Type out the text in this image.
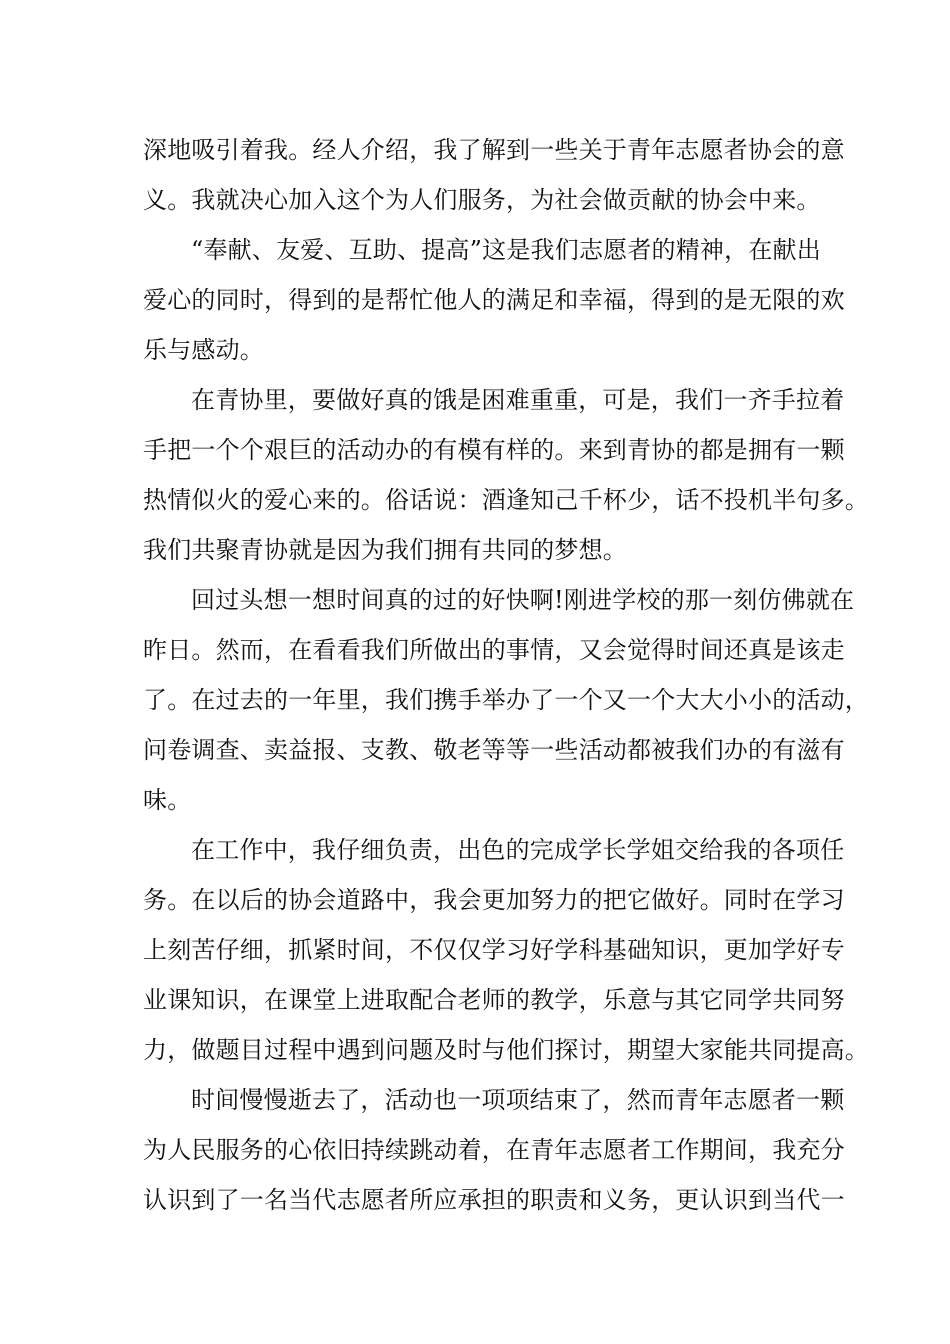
深地吸引着我。经人介绍，我了解到一些关于青年志愿者协会的意
义。我就决心加入这个为人们服务，为社会做贡献的协会中来。
“奉献、友爱、互助、提高”这是我们志愿者的精神，在献出
爱心的同时，得到的是帮忙他人的满足和幸福，得到的是无限的欢
乐与感动。
在青协里，要做好真的饿是困难重重，可是，我们一齐手拉着
手把一个个艰巨的活动办的有模有样的。来到青协的都是拥有一颗
热情似火的爱心来的。俗话说：酒逢知己千杯少，话不投机半句多。
我们共聚青协就是因为我们拥有共同的梦想。
回过头想一想时间真的过的好快啊!刚进学校的那一刻仿佛就在
昨日。然而，在看看我们所做出的事情，又会觉得时间还真是该走
了。在过去的一年里，我们携手举办了一个又一个大大小小的活动，
问卷调查、卖益报、支教、敬老等等一些活动都被我们办的有滋有
味。
在工作中，我仔细负责，出色的完成学长学姐交给我的各项任
务。在以后的协会道路中，我会更加努力的把它做好。同时在学习
上刻苦仔细，抓紧时间，不仅仅学习好学科基础知识，更加学好专
业课知识，在课堂上进取配合老师的教学，乐意与其它同学共同努
力，做题目过程中遇到问题及时与他们探讨，期望大家能共同提高。
时间慢慢逝去了，活动也一项项结束了，然而青年志愿者一颗
为人民服务的心依旧持续跳动着，在青年志愿者工作期间，我充分
认识到了一名当代志愿者所应承担的职责和义务，更认识到当代一
